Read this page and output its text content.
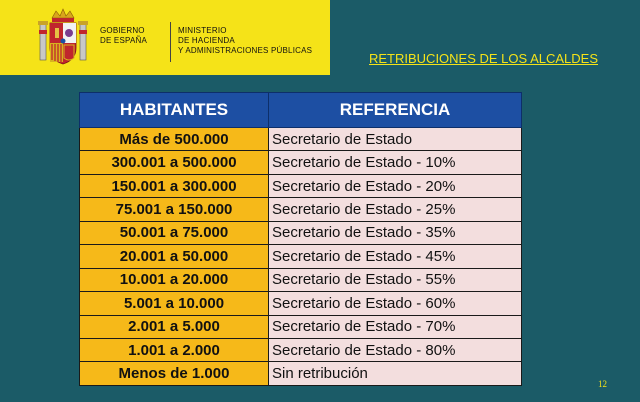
GOBIERNO
DE ESPAÑA
MINISTERIO
DE HACIENDA
Y ADMINISTRACIONES PÚBLICAS
RETRIBUCIONES DE LOS ALCALDES
HABITANTES	REFERENCIA
Más de 500.000	Secretario de Estado
300.001 a 500.000	Secretario de Estado - 10%
150.001 a 300.000	Secretario de Estado - 20%
75.001 a 150.000	Secretario de Estado - 25%
50.001 a 75.000	Secretario de Estado - 35%
20.001 a 50.000	Secretario de Estado - 45%
10.001 a 20.000	Secretario de Estado - 55%
5.001 a 10.000	Secretario de Estado - 60%
2.001 a 5.000	Secretario de Estado - 70%
1.001 a 2.000	Secretario de Estado - 80%
Menos de 1.000	Sin retribución
12
